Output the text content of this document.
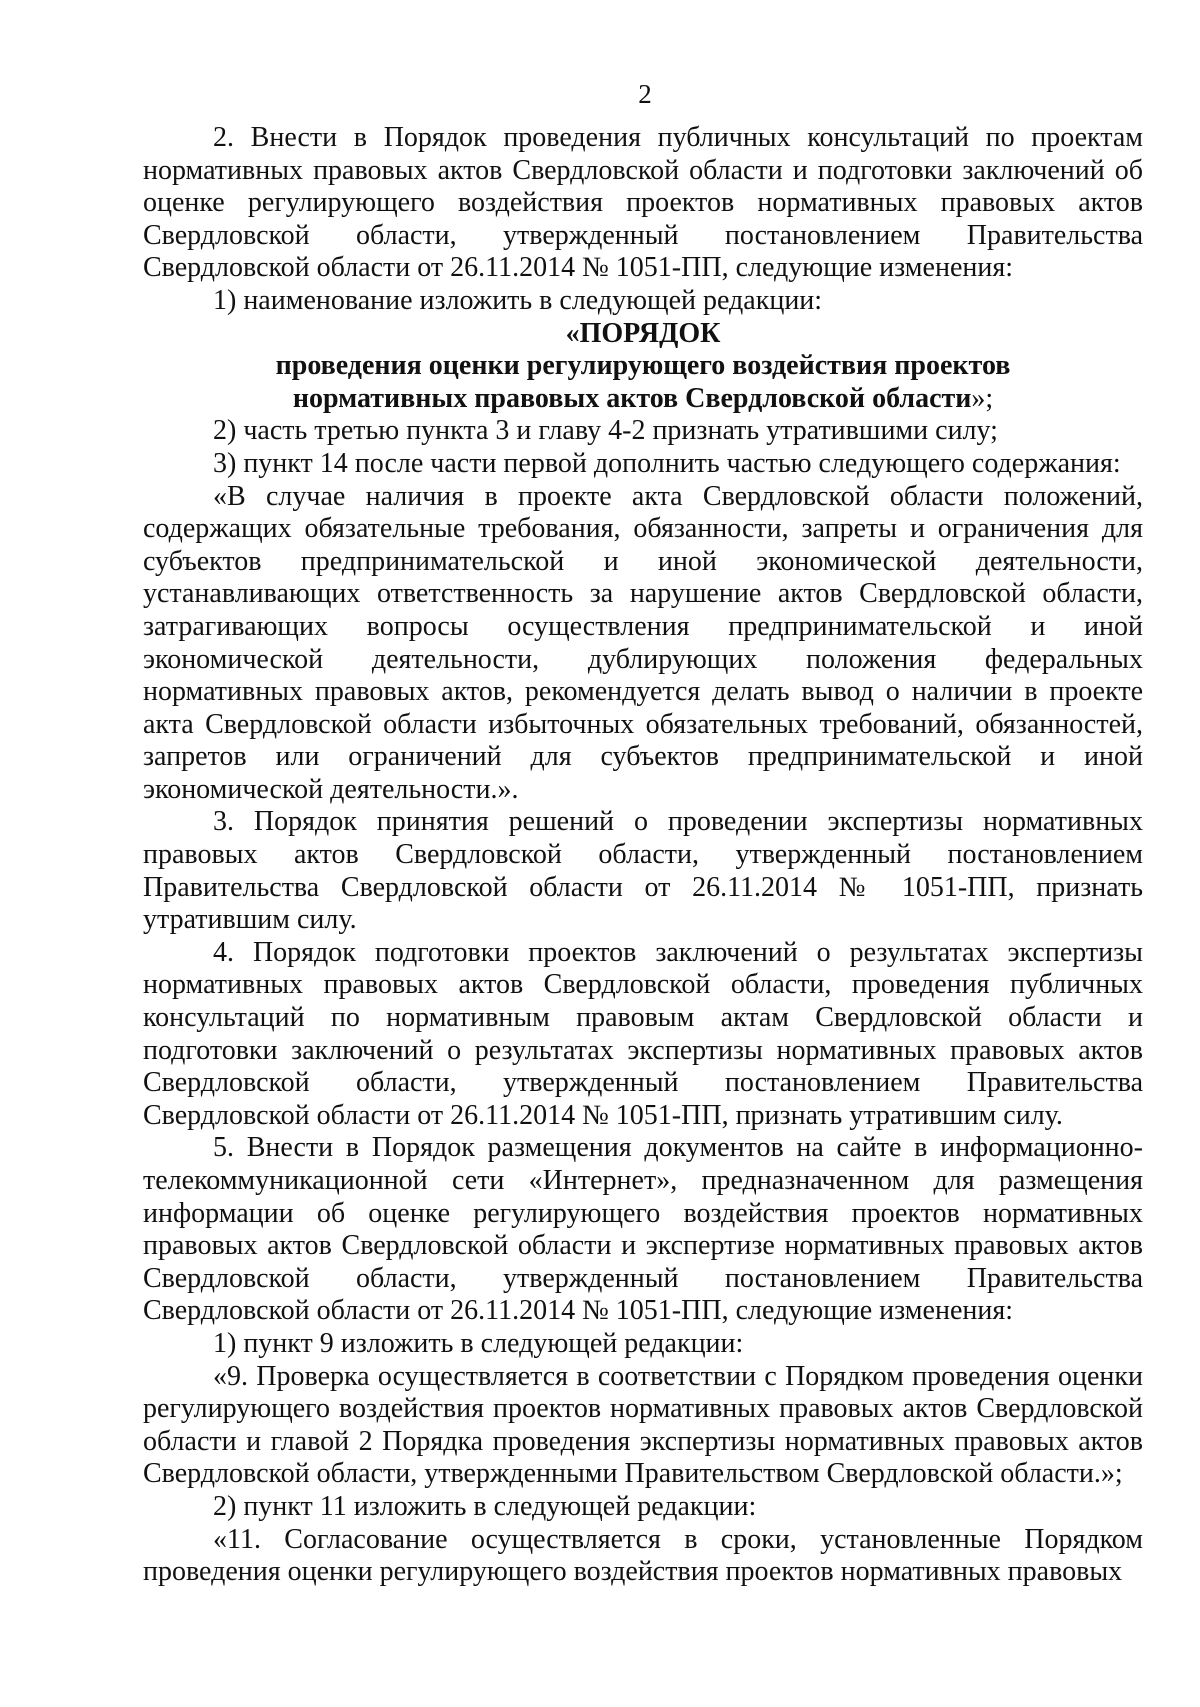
2

2. Внести в Порядок проведения публичных консультаций по проектам нормативных правовых актов Свердловской области и подготовки заключений об оценке регулирующего воздействия проектов нормативных правовых актов Свердловской области, утвержденный постановлением Правительства Свердловской области от 26.11.2014 № 1051-ПП, следующие изменения:

1) наименование изложить в следующей редакции:

«ПОРЯДОК

проведения оценки регулирующего воздействия проектов

нормативных правовых актов Свердловской области»;

2) часть третью пункта 3 и главу 4-2 признать утратившими силу;

3) пункт 14 после части первой дополнить частью следующего содержания:

«В случае наличия в проекте акта Свердловской области положений, содержащих обязательные требования, обязанности, запреты и ограничения для субъектов предпринимательской и иной экономической деятельности, устанавливающих ответственность за нарушение актов Свердловской области, затрагивающих вопросы осуществления предпринимательской и иной экономической деятельности, дублирующих положения федеральных нормативных правовых актов, рекомендуется делать вывод о наличии в проекте акта Свердловской области избыточных обязательных требований, обязанностей, запретов или ограничений для субъектов предпринимательской и иной экономической деятельности.».

3. Порядок принятия решений о проведении экспертизы нормативных правовых актов Свердловской области, утвержденный постановлением Правительства Свердловской области от 26.11.2014 № 1051-ПП, признать утратившим силу.

4. Порядок подготовки проектов заключений о результатах экспертизы нормативных правовых актов Свердловской области, проведения публичных консультаций по нормативным правовым актам Свердловской области и подготовки заключений о результатах экспертизы нормативных правовых актов Свердловской области, утвержденный постановлением Правительства Свердловской области от 26.11.2014 № 1051-ПП, признать утратившим силу.

5. Внести в Порядок размещения документов на сайте в информационно-телекоммуникационной сети «Интернет», предназначенном для размещения информации об оценке регулирующего воздействия проектов нормативных правовых актов Свердловской области и экспертизе нормативных правовых актов Свердловской области, утвержденный постановлением Правительства Свердловской области от 26.11.2014 № 1051-ПП, следующие изменения:

1) пункт 9 изложить в следующей редакции:

«9. Проверка осуществляется в соответствии с Порядком проведения оценки регулирующего воздействия проектов нормативных правовых актов Свердловской области и главой 2 Порядка проведения экспертизы нормативных правовых актов Свердловской области, утвержденными Правительством Свердловской области.»;

2) пункт 11 изложить в следующей редакции:

«11. Согласование осуществляется в сроки, установленные Порядком проведения оценки регулирующего воздействия проектов нормативных правовых
